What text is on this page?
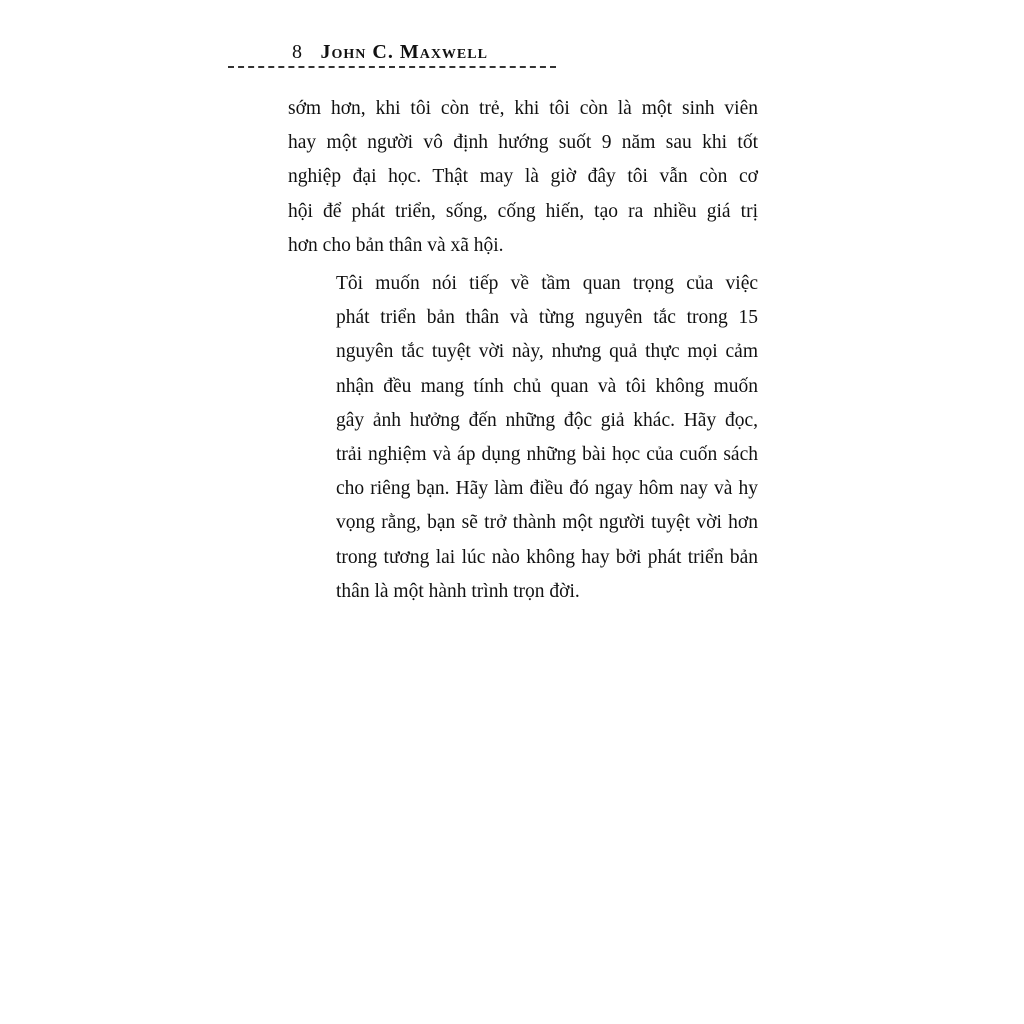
8 John C. Maxwell

sớm hơn, khi tôi còn trẻ, khi tôi còn là một sinh viên
hay một người vô định hướng suốt 9 năm sau khi tốt
nghiệp đại học. Thật may là giờ đây tôi vẫn còn cơ
hội để phát triển, sống, cống hiến, tạo ra nhiều giá trị
hơn cho bản thân và xã hội.

Tôi muốn nói tiếp về tầm quan trọng của việc
phát triển bản thân và từng nguyên tắc trong 15
nguyên tắc tuyệt vời này, nhưng quả thực mọi cảm
nhận đều mang tính chủ quan và tôi không muốn
gây ảnh hưởng đến những độc giả khác. Hãy đọc,
trải nghiệm và áp dụng những bài học của cuốn sách
cho riêng bạn. Hãy làm điều đó ngay hôm nay và hy
vọng rằng, bạn sẽ trở thành một người tuyệt vời hơn
trong tương lai lúc nào không hay bởi phát triển bản
thân là một hành trình trọn đời.
